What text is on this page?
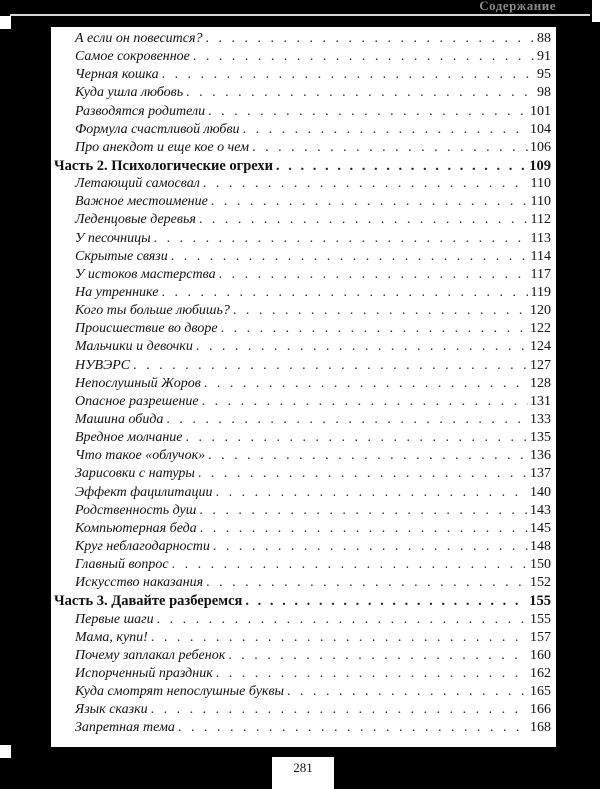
Содержание
А если он повесится? . . .	88
Самое сокровенное . . .	91
Черная кошка . . .	95
Куда ушла любовь . . .	98
Разводятся родители . . .	101
Формула счастливой любви . . .	104
Про анекдот и еще кое о чем . . .	106
Часть 2. Психологические огрехи . . .	109
Летающий самосвал . . .	110
Важное местоимение . . .	110
Леденцовые деревья . . .	112
У песочницы . . .	113
Скрытые связи . . .	114
У истоков мастерства . . .	117
На утреннике . . .	119
Кого ты больше любишь? . . .	120
Происшествие во дворе . . .	122
Мальчики и девочки . . .	124
НУВЭРС . . .	127
Непослушный Жоров . . .	128
Опасное разрешение . . .	131
Машина обида . . .	133
Вредное молчание . . .	135
Что такое «облучок» . . .	136
Зарисовки с натуры . . .	137
Эффект фацилитации . . .	140
Родственность душ . . .	143
Компьютерная беда . . .	145
Круг неблагодарности . . .	148
Главный вопрос . . .	150
Искусство наказания . . .	152
Часть 3. Давайте разберемся . . .	155
Первые шаги . . .	155
Мама, купи! . . .	157
Почему заплакал ребенок . . .	160
Испорченный праздник . . .	162
Куда смотрят непослушные буквы . . .	165
Язык сказки . . .	166
Запретная тема . . .	168
281
